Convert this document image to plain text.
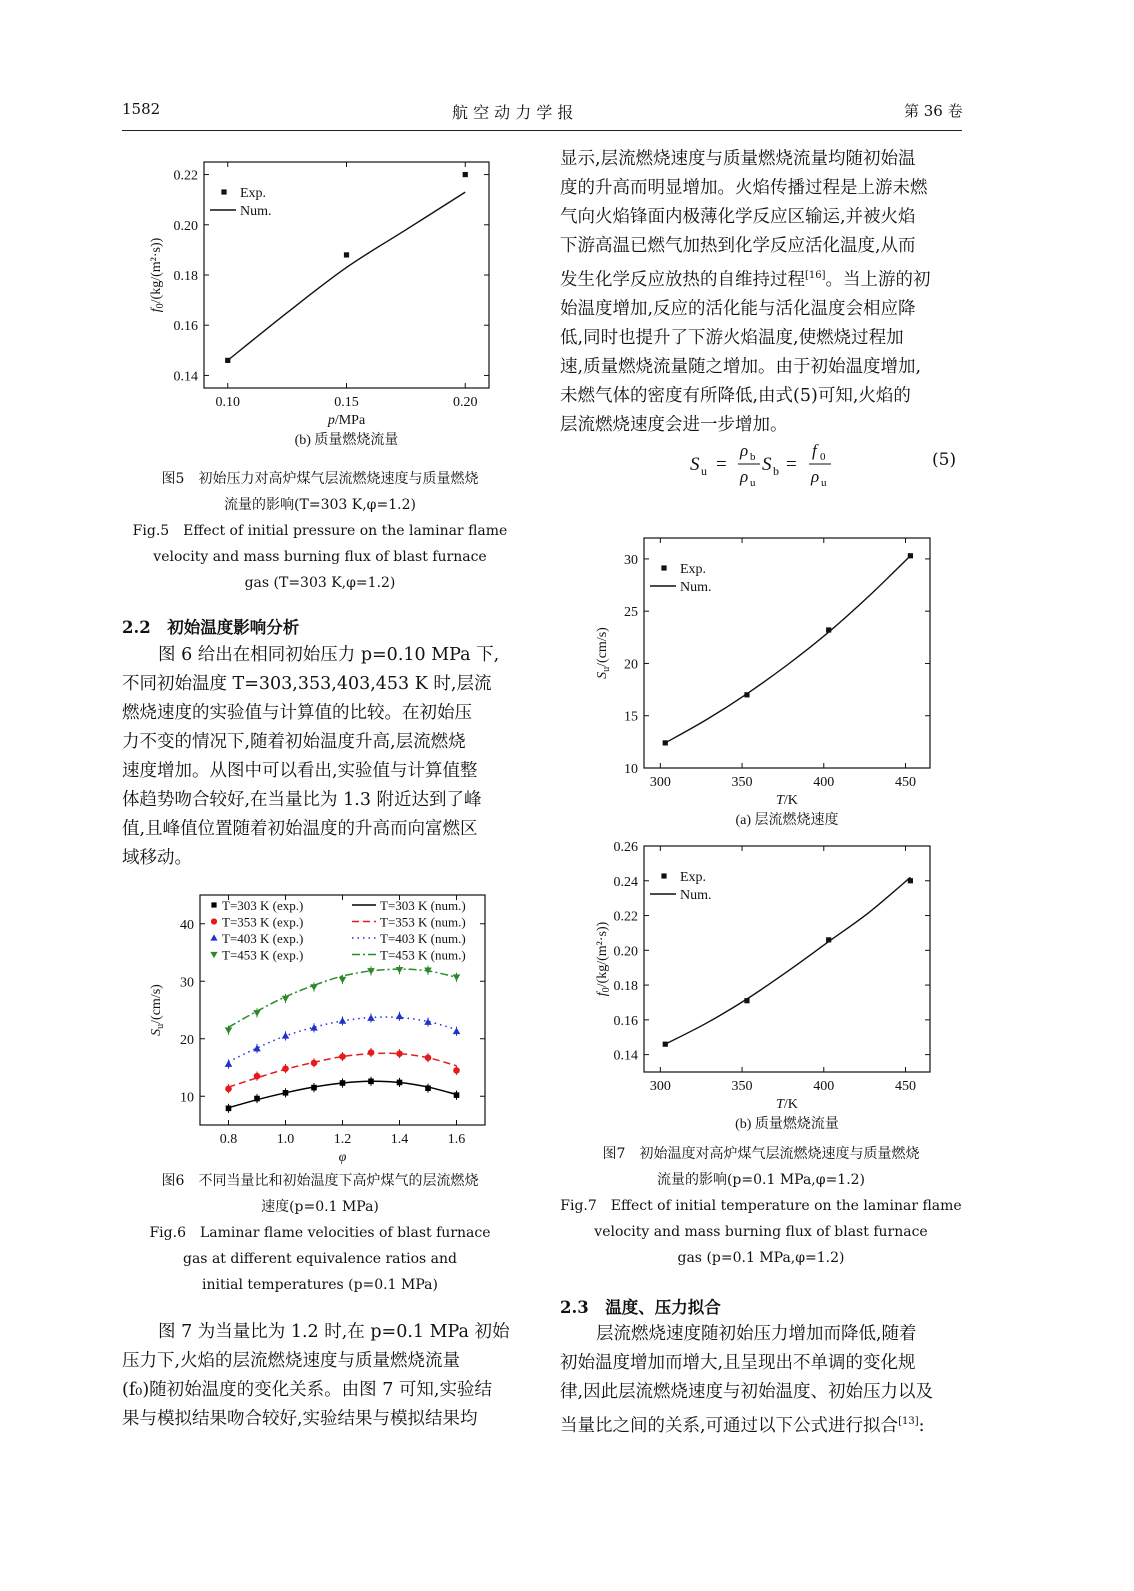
1582	航 空 动 力 学 报	第 36 卷
0.10	0.15	0.20
0.14
0.16
0.18
0.20
0.22
p/MPa
$f_0/(kg/(m^2\cdot s))$
(b) 质量燃烧流量
Exp.
Num.
图5　初始压力对高炉煤气层流燃烧速度与质量燃烧
流量的影响(T=303 K,φ=1.2)
Fig.5　Effect of initial pressure on the laminar flame
velocity and mass burning flux of blast furnace
gas (T=303 K,φ=1.2)
2.2　初始温度影响分析
图 6 给出在相同初始压力 p=0.10 MPa 下,
不同初始温度 T=303,353,403,453 K 时,层流
燃烧速度的实验值与计算值的比较。在初始压
力不变的情况下,随着初始温度升高,层流燃烧
速度增加。从图中可以看出,实验值与计算值整
体趋势吻合较好,在当量比为 1.3 附近达到了峰
值,且峰值位置随着初始温度的升高而向富燃区
域移动。
0.8	1.0	1.2	1.4	1.6
10
20
30
40
φ
$S_u/(cm/s)$
T=303 K (exp.)	T=303 K (num.)
T=353 K (exp.)	T=353 K (num.)
T=403 K (exp.)	T=403 K (num.)
T=453 K (exp.)	T=453 K (num.)
图6　不同当量比和初始温度下高炉煤气的层流燃烧
速度(p=0.1 MPa)
Fig.6　Laminar flame velocities of blast furnace
gas at different equivalence ratios and
initial temperatures (p=0.1 MPa)
图 7 为当量比为 1.2 时,在 p=0.1 MPa 初始
压力下,火焰的层流燃烧速度与质量燃烧流量
(f₀)随初始温度的变化关系。由图 7 可知,实验结
果与模拟结果吻合较好,实验结果与模拟结果均
显示,层流燃烧速度与质量燃烧流量均随初始温
度的升高而明显增加。火焰传播过程是上游未燃
气向火焰锋面内极薄化学反应区输运,并被火焰
下游高温已燃气加热到化学反应活化温度,从而
发生化学反应放热的自维持过程[16]。当上游的初
始温度增加,反应的活化能与活化温度会相应降
低,同时也提升了下游火焰温度,使燃烧过程加
速,质量燃烧流量随之增加。由于初始温度增加,
未燃气体的密度有所降低,由式(5)可知,火焰的
层流燃烧速度会进一步增加。
S u =
ρ b
ρ u
S b =
f 0
ρ u
(5)
300	350	400	450
10
15
20
25
30
T/K
$S_u/(cm/s)$
(a) 层流燃烧速度
Exp.
Num.
300	350	400	450
0.14
0.16
0.18
0.20
0.22
0.24
0.26
T/K
$f_0/(kg/(m^2\cdot s))$
(b) 质量燃烧流量
Exp.
Num.
图7　初始温度对高炉煤气层流燃烧速度与质量燃烧
流量的影响(p=0.1 MPa,φ=1.2)
Fig.7　Effect of initial temperature on the laminar flame
velocity and mass burning flux of blast furnace
gas (p=0.1 MPa,φ=1.2)
2.3　温度、压力拟合
层流燃烧速度随初始压力增加而降低,随着
初始温度增加而增大,且呈现出不单调的变化规
律,因此层流燃烧速度与初始温度、初始压力以及
当量比之间的关系,可通过以下公式进行拟合[13]:
